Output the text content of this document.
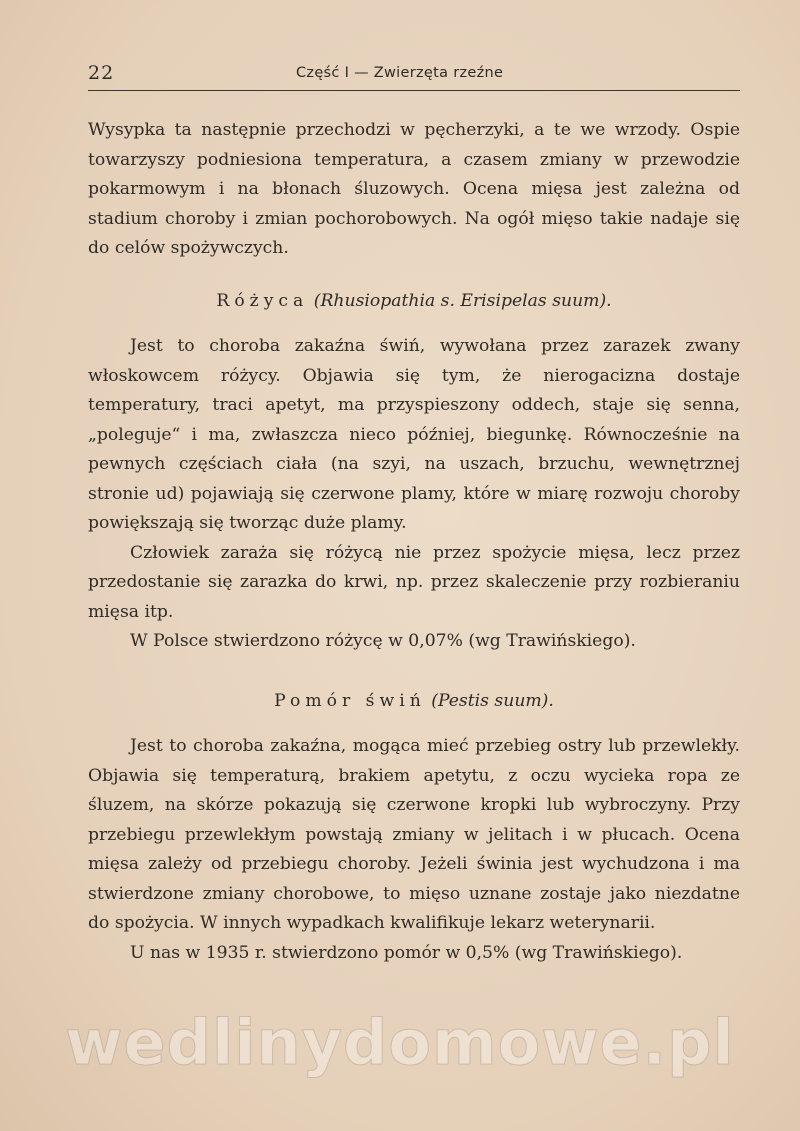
22	Część I — Zwierzęta rzeźne

Wysypka ta następnie przechodzi w pęcherzyki, a te we wrzody. Ospie towarzyszy podniesiona temperatura, a czasem zmiany w przewodzie pokarmowym i na błonach śluzowych. Ocena mięsa jest zależna od stadium choroby i zmian pochorobowych. Na ogół mięso takie nadaje się do celów spożywczych.

Różyca (Rhusiopathia s. Erisipelas suum).

Jest to choroba zakaźna świń, wywołana przez zarazek zwany włoskowcem różycy. Objawia się tym, że nierogacizna dostaje temperatury, traci apetyt, ma przyspieszony oddech, staje się senna, „poleguje“ i ma, zwłaszcza nieco później, biegunkę. Równocześnie na pewnych częściach ciała (na szyi, na uszach, brzuchu, wewnętrznej stronie ud) pojawiają się czerwone plamy, które w miarę rozwoju choroby powiększają się tworząc duże plamy.

Człowiek zaraża się różycą nie przez spożycie mięsa, lecz przez przedostanie się zarazka do krwi, np. przez skaleczenie przy rozbieraniu mięsa itp.

W Polsce stwierdzono różycę w 0,07% (wg Trawińskiego).

Pomór świń (Pestis suum).

Jest to choroba zakaźna, mogąca mieć przebieg ostry lub przewlekły. Objawia się temperaturą, brakiem apetytu, z oczu wycieka ropa ze śluzem, na skórze pokazują się czerwone kropki lub wybroczyny. Przy przebiegu przewlekłym powstają zmiany w jelitach i w płucach. Ocena mięsa zależy od przebiegu choroby. Jeżeli świnia jest wychudzona i ma stwierdzone zmiany chorobowe, to mięso uznane zostaje jako niezdatne do spożycia. W innych wypadkach kwalifikuje lekarz weterynarii.

U nas w 1935 r. stwierdzono pomór w 0,5% (wg Trawińskiego).

wedlinydomowe.pl
